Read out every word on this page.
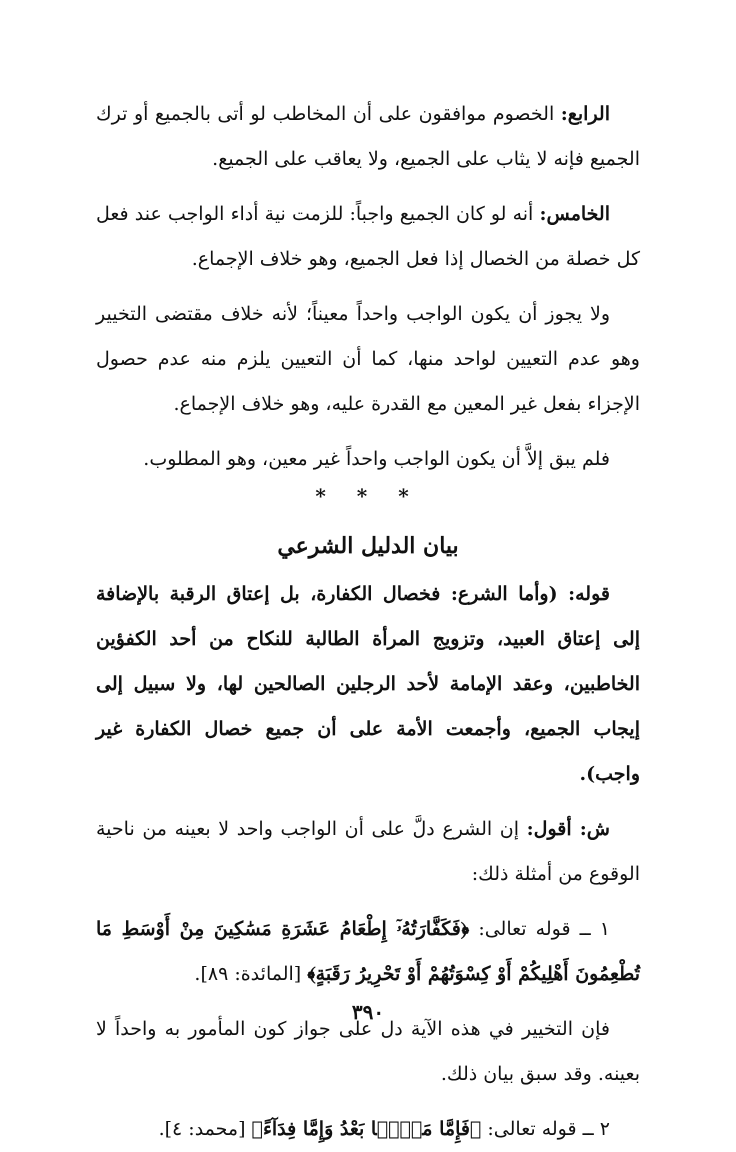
الرابع: الخصوم موافقون على أن المخاطب لو أتى بالجميع أو ترك الجميع فإنه لا يثاب على الجميع، ولا يعاقب على الجميع.

الخامس: أنه لو كان الجميع واجباً: للزمت نية أداء الواجب عند فعل كل خصلة من الخصال إذا فعل الجميع، وهو خلاف الإجماع.

ولا يجوز أن يكون الواجب واحداً معيناً؛ لأنه خلاف مقتضى التخيير وهو عدم التعيين لواحد منها، كما أن التعيين يلزم منه عدم حصول الإجزاء بفعل غير المعين مع القدرة عليه، وهو خلاف الإجماع.

فلم يبق إلاَّ أن يكون الواجب واحداً غير معين، وهو المطلوب.

* * *
بيان الدليل الشرعي

قوله: (وأما الشرع: فخصال الكفارة، بل إعتاق الرقبة بالإضافة إلى إعتاق العبيد، وتزويج المرأة الطالبة للنكاح من أحد الكفؤين الخاطبين، وعقد الإمامة لأحد الرجلين الصالحين لها، ولا سبيل إلى إيجاب الجميع، وأجمعت الأمة على أن جميع خصال الكفارة غير واجب).

ش: أقول: إن الشرع دلَّ على أن الواجب واحد لا بعينه من ناحية الوقوع من أمثلة ذلك:

١ ــ قوله تعالى: ﴿فَكَفَّارَتُهُۥٓ إِطْعَامُ عَشَرَةِ مَسَٰكِينَ مِنْ أَوْسَطِ مَا تُطْعِمُونَ أَهْلِيكُمْ أَوْ كِسْوَتُهُمْ أَوْ تَحْرِيرُ رَقَبَةٍ﴾ [المائدة: ٨٩].

فإن التخيير في هذه الآية دل على جواز كون المأمور به واحداً لا بعينه. وقد سبق بيان ذلك.

٢ ــ قوله تعالى: ﴿فَإِمَّا مَنًّۢا بَعْدُ وَإِمَّا فِدَآءً﴾ [محمد: ٤].

٣٩٠
